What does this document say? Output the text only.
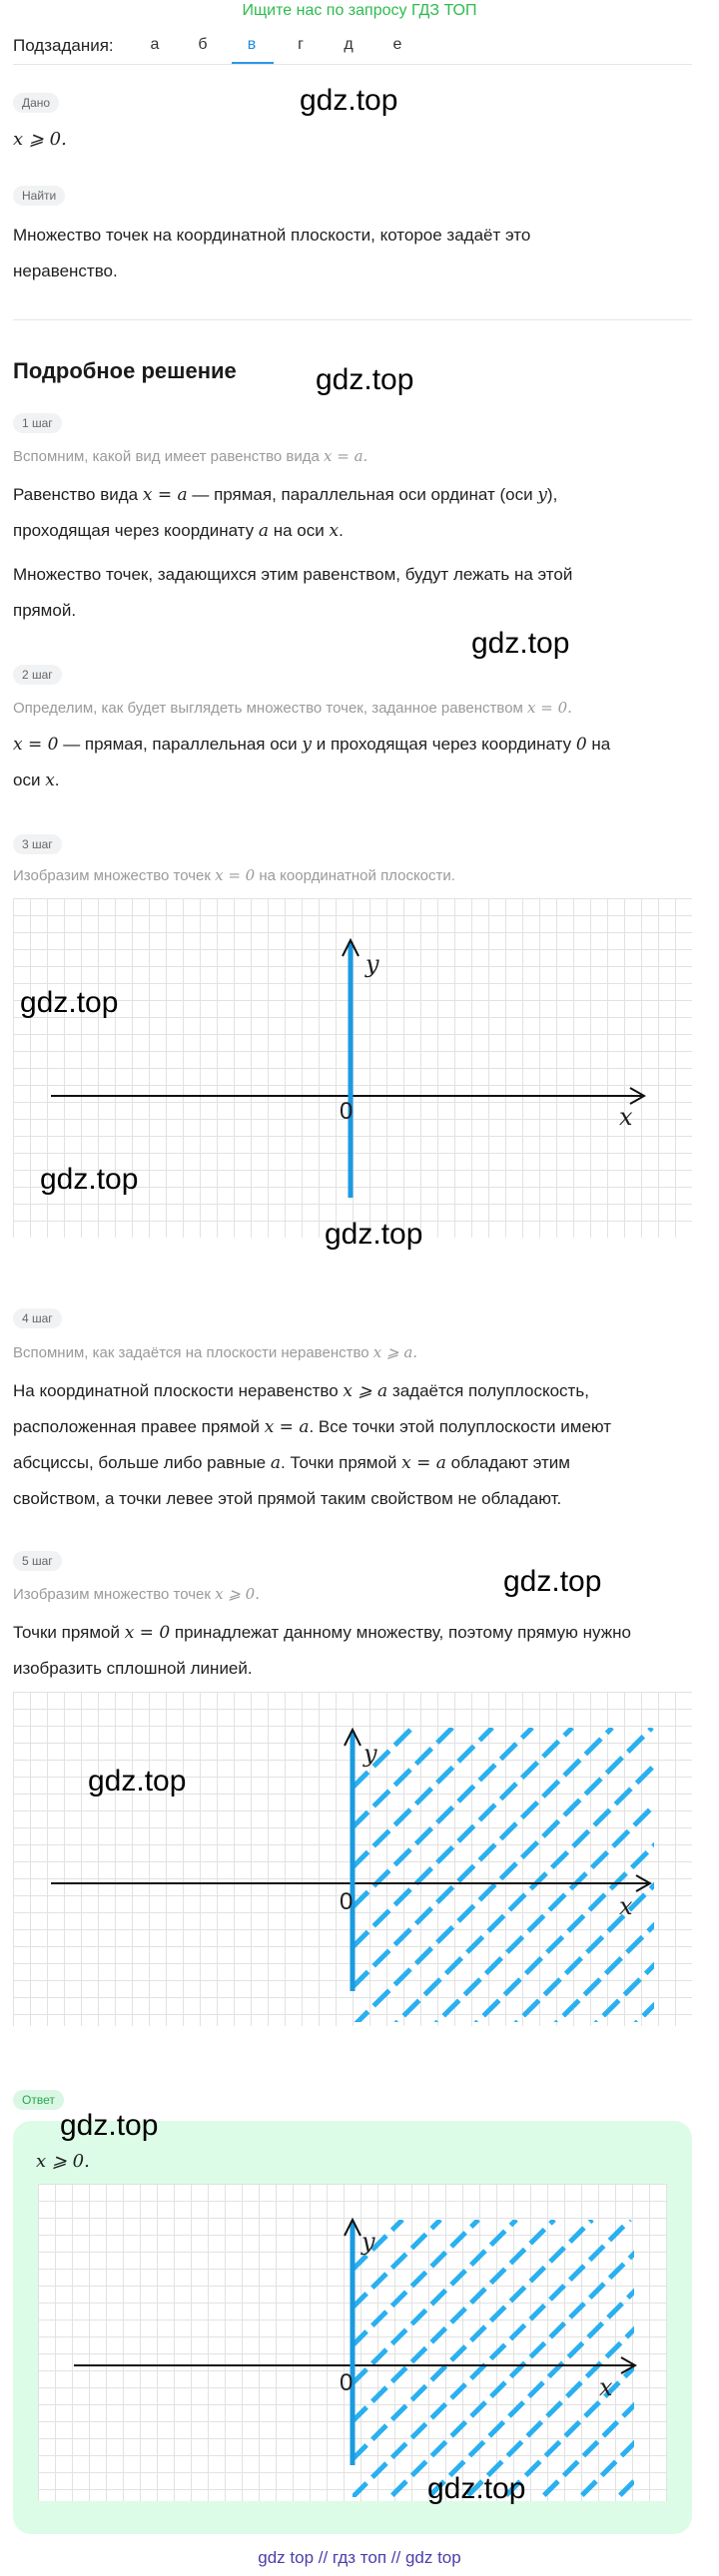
Ищите нас по запросу ГДЗ ТОП
Подзадания:	а	б	в	г	д	е
Дано
x ⩾ 0.
gdz.top
Найти
Множество точек на координатной плоскости, которое задаёт это
неравенство.
Подробное решение	gdz.top
1 шаг
Вспомним, какой вид имеет равенство вида x = a.
Равенство вида x = a — прямая, параллельная оси ординат (оси y),
проходящая через координату a на оси x.
Множество точек, задающихся этим равенством, будут лежать на этой
прямой.
gdz.top
2 шаг
Определим, как будет выглядеть множество точек, заданное равенством x = 0.
x = 0 — прямая, параллельная оси y и проходящая через координату 0 на
оси x.
3 шаг
Изобразим множество точек x = 0 на координатной плоскости.
y
x
0
gdz.top
gdz.top
gdz.top
4 шаг
Вспомним, как задаётся на плоскости неравенство x ⩾ a.
На координатной плоскости неравенство x ⩾ a задаётся полуплоскость,
расположенная правее прямой x = a. Все точки этой полуплоскости имеют
абсциссы, больше либо равные a. Точки прямой x = a обладают этим
свойством, а точки левее этой прямой таким свойством не обладают.
5 шаг
Изобразим множество точек x ⩾ 0.	gdz.top
Точки прямой x = 0 принадлежат данному множеству, поэтому прямую нужно
изобразить сплошной линией.
y
x
0
gdz.top
Ответ
gdz.top
x ⩾ 0.
y
x
0
gdz.top
gdz top // гдз топ // gdz top
